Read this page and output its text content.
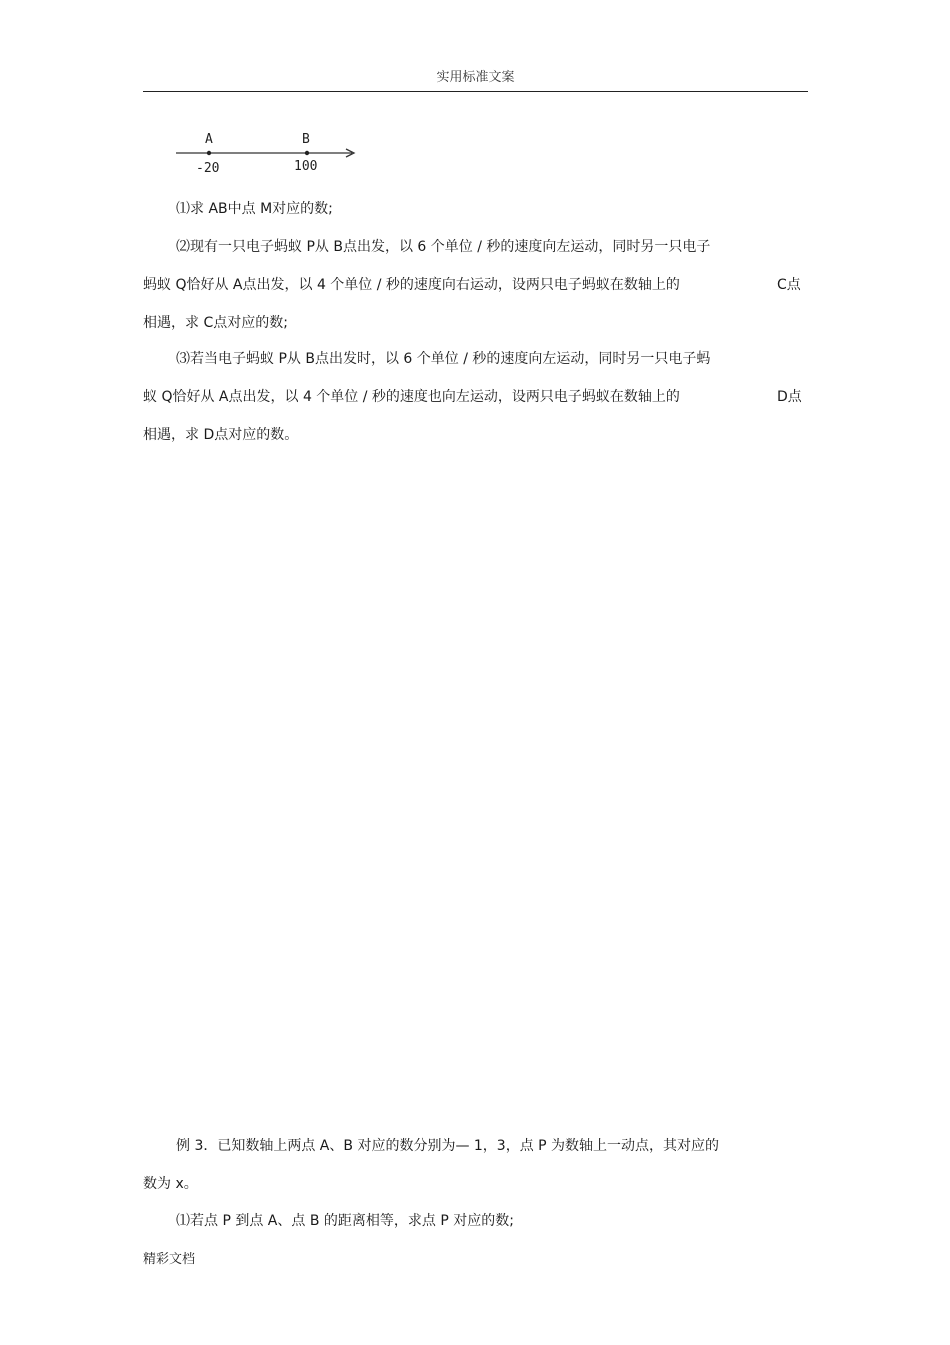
实用标准文案
A	B
-20	100
⑴求 AB中点 M对应的数;
⑵现有一只电子蚂蚁 P从 B点出发，以 6 个单位 / 秒的速度向左运动，同时另一只电子
蚂蚁 Q恰好从 A点出发，以 4 个单位 / 秒的速度向右运动，设两只电子蚂蚁在数轴上的	C点
相遇，求 C点对应的数;
⑶若当电子蚂蚁 P从 B点出发时，以 6 个单位 / 秒的速度向左运动，同时另一只电子蚂
蚁 Q恰好从 A点出发，以 4 个单位 / 秒的速度也向左运动，设两只电子蚂蚁在数轴上的	D点
相遇，求 D点对应的数。
例 3．已知数轴上两点 A、B 对应的数分别为— 1，3，点 P 为数轴上一动点，其对应的
数为 x。
⑴若点 P 到点 A、点 B 的距离相等，求点 P 对应的数;
精彩文档
